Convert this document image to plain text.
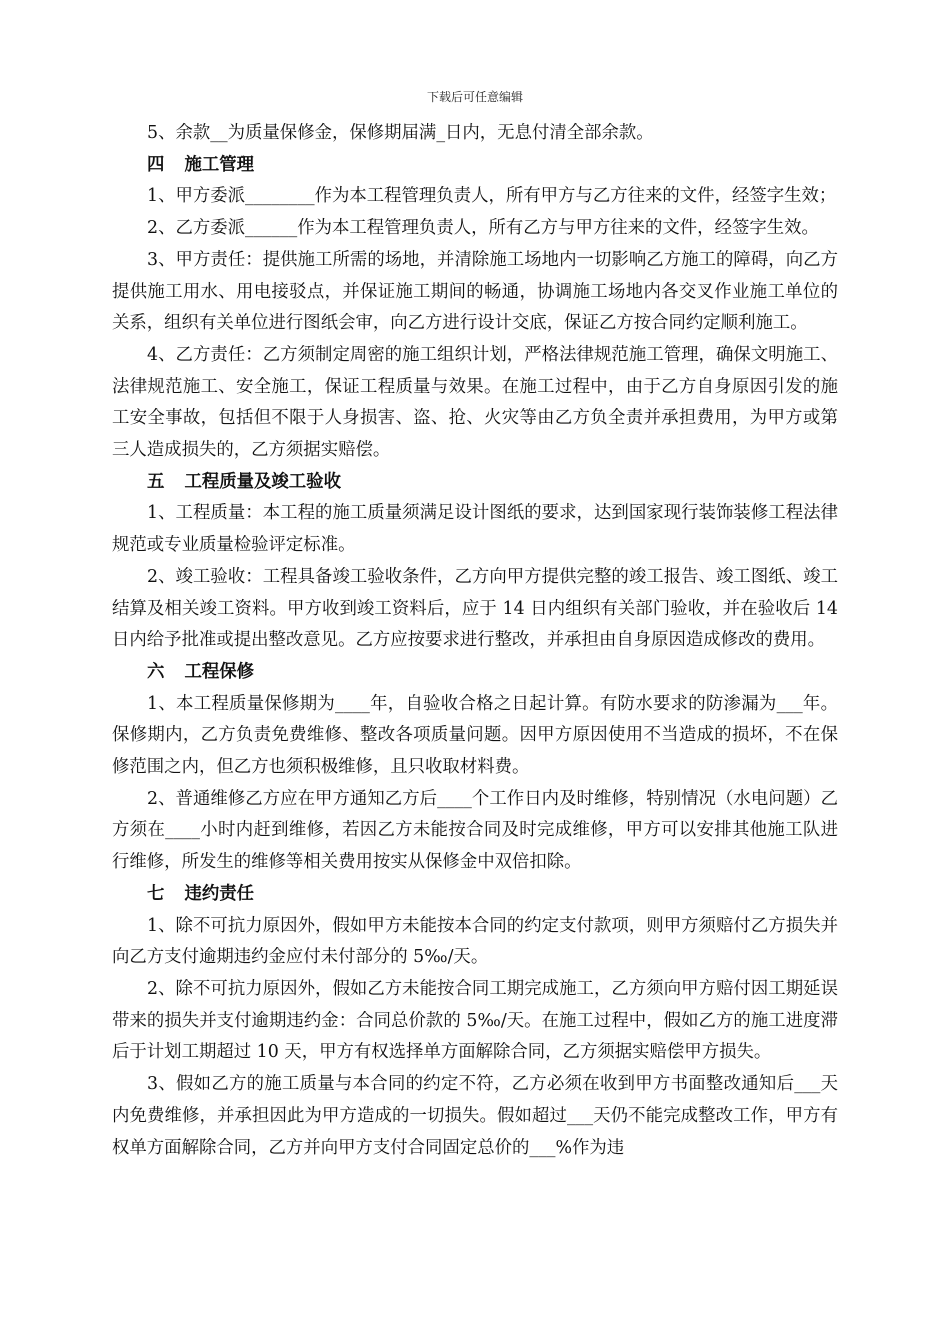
下载后可任意编辑

5、余款__为质量保修金，保修期届满_日内，无息付清全部余款。

四 施工管理

1、甲方委派________作为本工程管理负责人，所有甲方与乙方往来的文件，经签字生效；

2、乙方委派______作为本工程管理负责人，所有乙方与甲方往来的文件，经签字生效。

3、甲方责任：提供施工所需的场地，并清除施工场地内一切影响乙方施工的障碍，向乙方提供施工用水、用电接驳点，并保证施工期间的畅通，协调施工场地内各交叉作业施工单位的关系，组织有关单位进行图纸会审，向乙方进行设计交底，保证乙方按合同约定顺利施工。

4、乙方责任：乙方须制定周密的施工组织计划，严格法律规范施工管理，确保文明施工、法律规范施工、安全施工，保证工程质量与效果。在施工过程中，由于乙方自身原因引发的施工安全事故，包括但不限于人身损害、盗、抢、火灾等由乙方负全责并承担费用，为甲方或第三人造成损失的，乙方须据实赔偿。

五 工程质量及竣工验收

1、工程质量：本工程的施工质量须满足设计图纸的要求，达到国家现行装饰装修工程法律规范或专业质量检验评定标准。

2、竣工验收：工程具备竣工验收条件，乙方向甲方提供完整的竣工报告、竣工图纸、竣工结算及相关竣工资料。甲方收到竣工资料后，应于 14 日内组织有关部门验收，并在验收后 14 日内给予批准或提出整改意见。乙方应按要求进行整改，并承担由自身原因造成修改的费用。

六 工程保修

1、本工程质量保修期为____年，自验收合格之日起计算。有防水要求的防渗漏为___年。保修期内，乙方负责免费维修、整改各项质量问题。因甲方原因使用不当造成的损坏，不在保修范围之内，但乙方也须积极维修，且只收取材料费。

2、普通维修乙方应在甲方通知乙方后____个工作日内及时维修，特别情况（水电问题）乙方须在____小时内赶到维修，若因乙方未能按合同及时完成维修，甲方可以安排其他施工队进行维修，所发生的维修等相关费用按实从保修金中双倍扣除。

七 违约责任

1、除不可抗力原因外，假如甲方未能按本合同的约定支付款项，则甲方须赔付乙方损失并向乙方支付逾期违约金应付未付部分的 5‰/天。

2、除不可抗力原因外，假如乙方未能按合同工期完成施工，乙方须向甲方赔付因工期延误带来的损失并支付逾期违约金：合同总价款的 5‰/天。在施工过程中，假如乙方的施工进度滞后于计划工期超过 10 天，甲方有权选择单方面解除合同，乙方须据实赔偿甲方损失。

3、假如乙方的施工质量与本合同的约定不符，乙方必须在收到甲方书面整改通知后___天内免费维修，并承担因此为甲方造成的一切损失。假如超过___天仍不能完成整改工作，甲方有权单方面解除合同，乙方并向甲方支付合同固定总价的___%作为违
